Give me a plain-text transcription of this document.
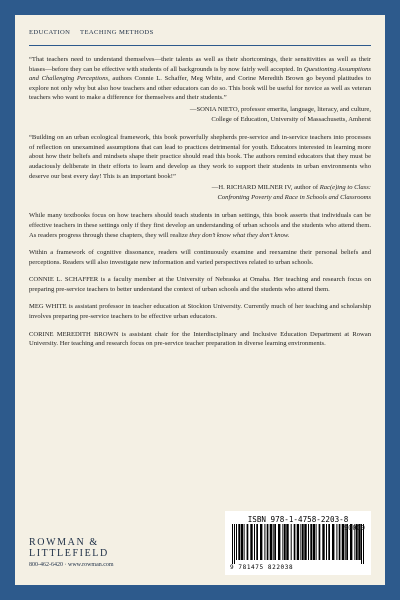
EDUCATION TEACHING METHODS

“That teachers need to understand themselves—their talents as well as their shortcomings, their sensitivities as well as their biases—before they can be effective with students of all backgrounds is by now fairly well accepted. In Questioning Assumptions and Challenging Perceptions, authors Connie L. Schaffer, Meg White, and Corine Meredith Brown go beyond platitudes to explore not only why but also how teachers and other educators can do so. This book will be useful for novice as well as veteran teachers who want to make a difference for themselves and their students.”

—SONIA NIETO, professor emerita, language, literacy, and culture,
College of Education, University of Massachusetts, Amherst

“Building on an urban ecological framework, this book powerfully shepherds pre-service and in-service teachers into processes of reflection on unexamined assumptions that can lead to practices detrimental for youth. Educators interested in learning more about how their beliefs and mindsets shape their practice should read this book. The authors remind educators that they must be audaciously deliberate in their efforts to learn and develop as they work to support their students in urban environments who deserve our best every day! This is an important book!”

—H. RICHARD MILNER IV, author of Rac(e)ing to Class:
Confronting Poverty and Race in Schools and Classrooms

While many textbooks focus on how teachers should teach students in urban settings, this book asserts that individuals can be effective teachers in these settings only if they first develop an understanding of urban schools and the students who attend them. As readers progress through these chapters, they will realize they don’t know what they don’t know.

Within a framework of cognitive dissonance, readers will continuously examine and reexamine their personal beliefs and perceptions. Readers will also investigate new information and varied perspectives related to urban schools.

CONNIE L. SCHAFFER is a faculty member at the University of Nebraska at Omaha. Her teaching and research focus on preparing pre-service teachers to better understand the context of urban schools and the students who attend them.

MEG WHITE is assistant professor in teacher education at Stockton University. Currently much of her teaching and scholarship involves preparing pre-service teachers to be effective urban educators.

CORINE MEREDITH BROWN is assistant chair for the Interdisciplinary and Inclusive Education Department at Rowan University. Her teaching and research focus on pre-service teacher preparation in diverse learning environments.

ROWMAN &
LITTLEFIELD
800-462-6420 · www.rowman.com
ISBN 978-1-4758-2203-8
90000
9 781475 822038
